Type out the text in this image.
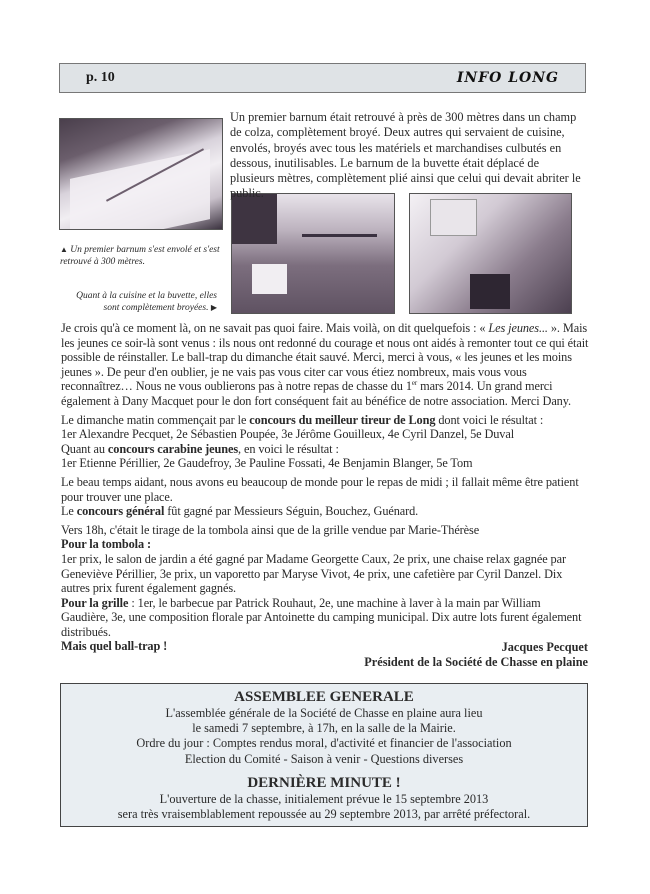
p. 10	INFO LONG
Un premier barnum était retrouvé à près de 300 mètres dans un champ de colza, complètement broyé. Deux autres qui servaient de cuisine, envolés, broyés avec tous les matériels et marchandises culbutés en dessous, inutilisables. Le barnum de la buvette était déplacé de plusieurs mètres, complètement plié ainsi que celui qui devait abriter le public.
▲ Un premier barnum s'est envolé et s'est retrouvé à 300 mètres.
Quant à la cuisine et la buvette, elles sont complètement broyées. ▶

Je crois qu'à ce moment là, on ne savait pas quoi faire. Mais voilà, on dit quelquefois : « Les jeunes... ». Mais les jeunes ce soir-là sont venus : ils nous ont redonné du courage et nous ont aidés à remonter tout ce qui était possible de réinstaller. Le ball-trap du dimanche était sauvé. Merci, merci à vous, « les jeunes et les moins jeunes ». De peur d'en oublier, je ne vais pas vous citer car vous étiez nombreux, mais vous vous reconnaîtrez… Nous ne vous oublierons pas à notre repas de chasse du 1er mars 2014. Un grand merci également à Dany Macquet pour le don fort conséquent fait au bénéfice de notre association. Merci Dany.

Le dimanche matin commençait par le concours du meilleur tireur de Long dont voici le résultat :
1er Alexandre Pecquet, 2e Sébastien Poupée, 3e Jérôme Gouilleux, 4e Cyril Danzel, 5e Duval
Quant au concours carabine jeunes, en voici le résultat :
1er Etienne Périllier, 2e Gaudefroy, 3e Pauline Fossati, 4e Benjamin Blanger, 5e Tom

Le beau temps aidant, nous avons eu beaucoup de monde pour le repas de midi ; il fallait même être patient pour trouver une place.
Le concours général fût gagné par Messieurs Séguin, Bouchez, Guénard.

Vers 18h, c'était le tirage de la tombola ainsi que de la grille vendue par Marie-Thérèse
Pour la tombola :
1er prix, le salon de jardin a été gagné par Madame Georgette Caux, 2e prix, une chaise relax gagnée par Geneviève Périllier, 3e prix, un vaporetto par Maryse Vivot, 4e prix, une cafetière par Cyril Danzel. Dix autres prix furent également gagnés.
Pour la grille : 1er, le barbecue par Patrick Rouhaut, 2e, une machine à laver à la main par William Gaudière, 3e, une composition florale par Antoinette du camping municipal. Dix autre lots furent également distribués.
Mais quel ball-trap !	Jacques Pecquet
Président de la Société de Chasse en plaine
ASSEMBLEE GENERALE
L'assemblée générale de la Société de Chasse en plaine aura lieu
le samedi 7 septembre, à 17h, en la salle de la Mairie.
Ordre du jour : Comptes rendus moral, d'activité et financier de l'association
Election du Comité - Saison à venir - Questions diverses
DERNIÈRE MINUTE !
L'ouverture de la chasse, initialement prévue le 15 septembre 2013
sera très vraisemblablement repoussée au 29 septembre 2013, par arrêté préfectoral.
